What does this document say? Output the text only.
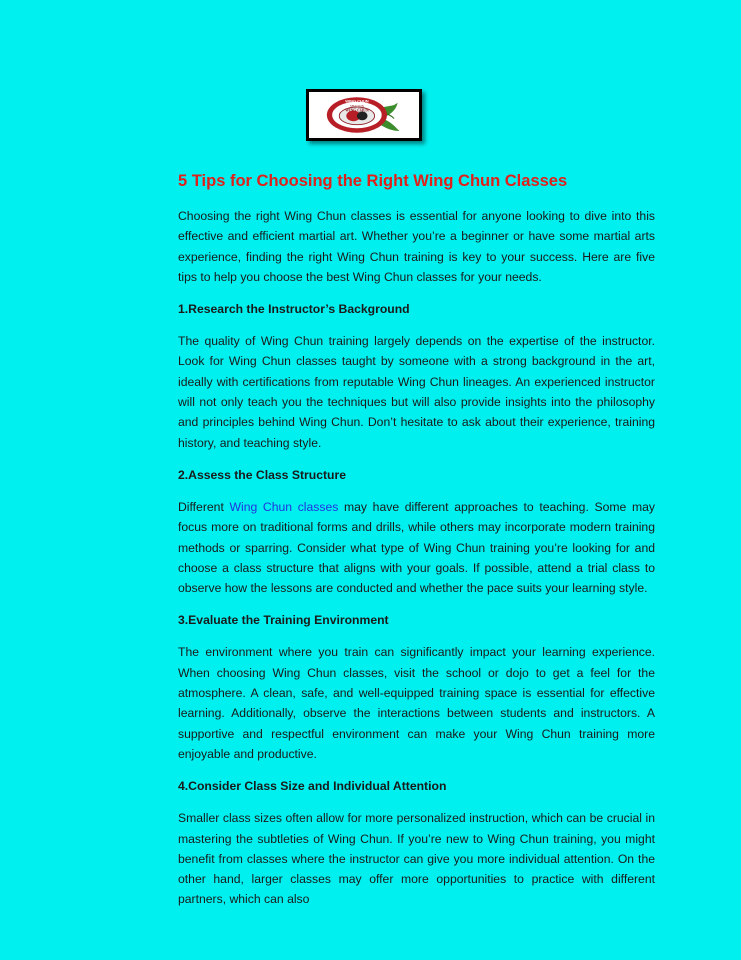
WING CHUN
SHAOLIN
WING CHUN
5 Tips for Choosing the Right Wing Chun Classes

Choosing the right Wing Chun classes is essential for anyone looking to dive into this effective and efficient martial art. Whether you’re a beginner or have some martial arts experience, finding the right Wing Chun training is key to your success. Here are five tips to help you choose the best Wing Chun classes for your needs.

1.Research the Instructor’s Background

The quality of Wing Chun training largely depends on the expertise of the instructor. Look for Wing Chun classes taught by someone with a strong background in the art, ideally with certifications from reputable Wing Chun lineages. An experienced instructor will not only teach you the techniques but will also provide insights into the philosophy and principles behind Wing Chun. Don’t hesitate to ask about their experience, training history, and teaching style.

2.Assess the Class Structure

Different Wing Chun classes may have different approaches to teaching. Some may focus more on traditional forms and drills, while others may incorporate modern training methods or sparring. Consider what type of Wing Chun training you’re looking for and choose a class structure that aligns with your goals. If possible, attend a trial class to observe how the lessons are conducted and whether the pace suits your learning style.

3.Evaluate the Training Environment

The environment where you train can significantly impact your learning experience. When choosing Wing Chun classes, visit the school or dojo to get a feel for the atmosphere. A clean, safe, and well-equipped training space is essential for effective learning. Additionally, observe the interactions between students and instructors. A supportive and respectful environment can make your Wing Chun training more enjoyable and productive.

4.Consider Class Size and Individual Attention

Smaller class sizes often allow for more personalized instruction, which can be crucial in mastering the subtleties of Wing Chun. If you’re new to Wing Chun training, you might benefit from classes where the instructor can give you more individual attention. On the other hand, larger classes may offer more opportunities to practice with different partners, which can also
